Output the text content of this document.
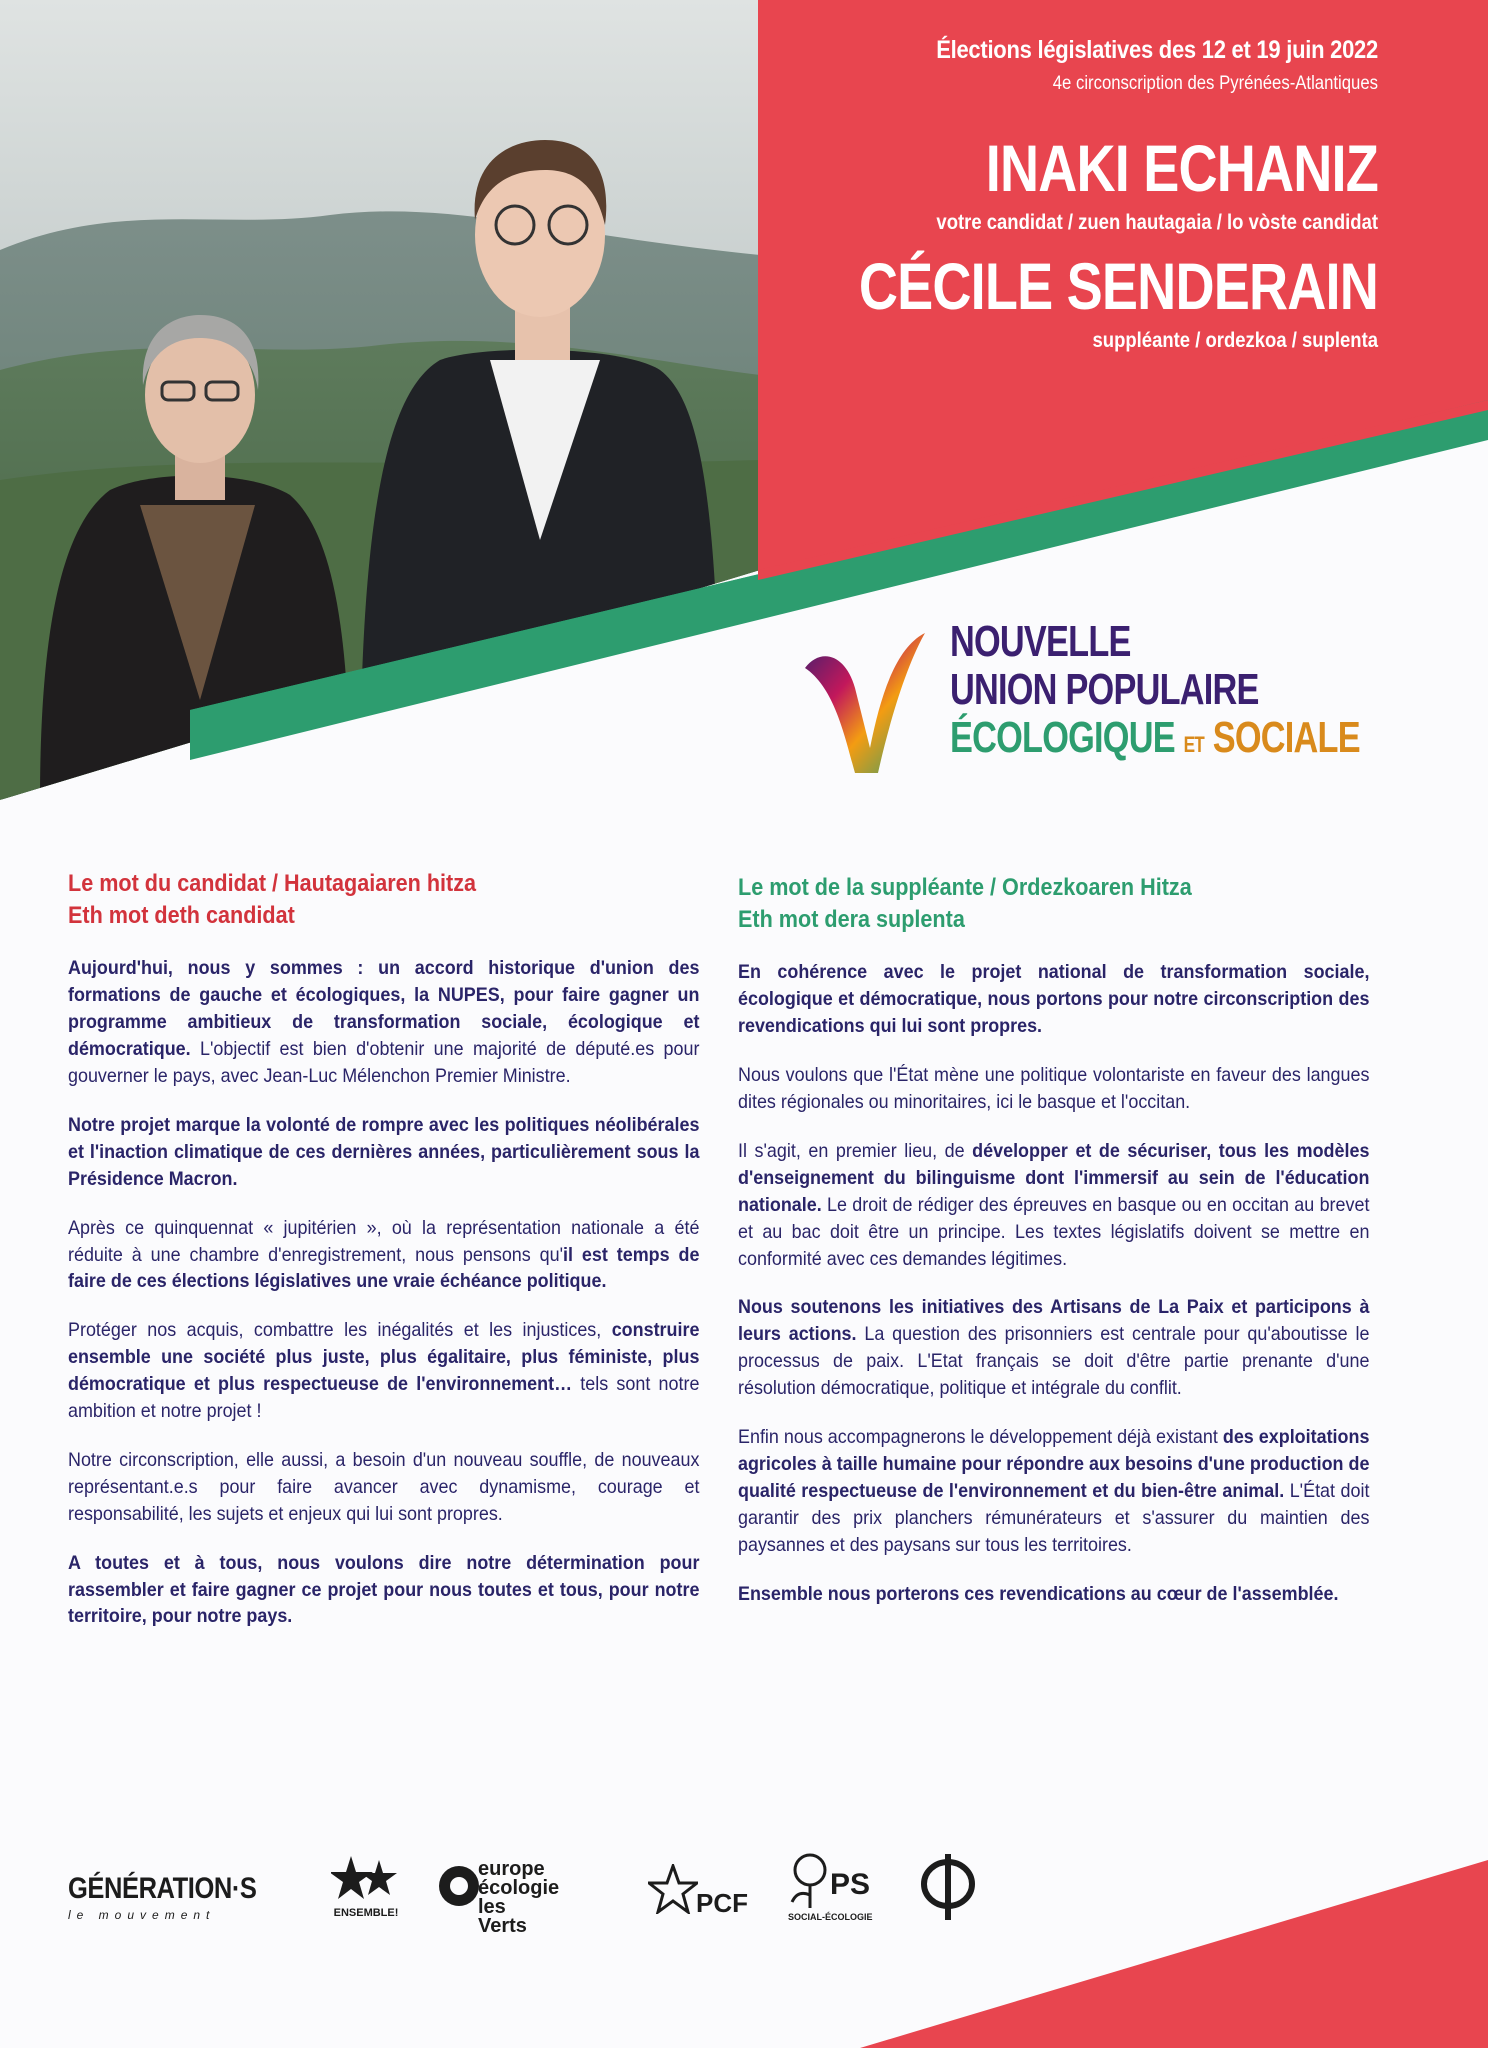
Élections législatives des 12 et 19 juin 2022

4e circonscription des Pyrénées-Atlantiques

INAKI ECHANIZ

votre candidat / zuen hautagaia / lo vòste candidat

CÉCILE SENDERAIN

suppléante / ordezkoa / suplenta

NOUVELLE

UNION POPULAIRE

ÉCOLOGIQUE ET SOCIALE

Le mot du candidat / Hautagaiaren hitza
Eth mot deth candidat

Aujourd'hui, nous y sommes : un accord historique d'union des formations de gauche et écologiques, la NUPES, pour faire gagner un programme ambitieux de transformation sociale, écologique et démocratique. L'objectif est bien d'obtenir une majorité de député.es pour gouverner le pays, avec Jean-Luc Mélenchon Premier Ministre.

Notre projet marque la volonté de rompre avec les politiques néolibérales et l'inaction climatique de ces dernières années, particulièrement sous la Présidence Macron.

Après ce quinquennat « jupitérien », où la représentation nationale a été réduite à une chambre d'enregistrement, nous pensons qu'il est temps de faire de ces élections législatives une vraie échéance politique.

Protéger nos acquis, combattre les inégalités et les injustices, construire ensemble une société plus juste, plus égalitaire, plus féministe, plus démocratique et plus respectueuse de l'environnement… tels sont notre ambition et notre projet !

Notre circonscription, elle aussi, a besoin d'un nouveau souffle, de nouveaux représentant.e.s pour faire avancer avec dynamisme, courage et responsabilité, les sujets et enjeux qui lui sont propres.

A toutes et à tous, nous voulons dire notre détermination pour rassembler et faire gagner ce projet pour nous toutes et tous, pour notre territoire, pour notre pays.

Le mot de la suppléante / Ordezkoaren Hitza
Eth mot dera suplenta

En cohérence avec le projet national de transformation sociale, écologique et démocratique, nous portons pour notre circonscription des revendications qui lui sont propres.

Nous voulons que l'État mène une politique volontariste en faveur des langues dites régionales ou minoritaires, ici le basque et l'occitan.

Il s'agit, en premier lieu, de développer et de sécuriser, tous les modèles d'enseignement du bilinguisme dont l'immersif au sein de l'éducation nationale. Le droit de rédiger des épreuves en basque ou en occitan au brevet et au bac doit être un principe. Les textes législatifs doivent se mettre en conformité avec ces demandes légitimes.

Nous soutenons les initiatives des Artisans de La Paix et participons à leurs actions. La question des prisonniers est centrale pour qu'aboutisse le processus de paix. L'Etat français se doit d'être partie prenante d'une résolution démocratique, politique et intégrale du conflit.

Enfin nous accompagnerons le développement déjà existant des exploitations agricoles à taille humaine pour répondre aux besoins d'une production de qualité respectueuse de l'environnement et du bien-être animal. L'État doit garantir des prix planchers rémunérateurs et s'assurer du maintien des paysannes et des paysans sur tous les territoires.

Ensemble nous porterons ces revendications au cœur de l'assemblée.

GÉNÉRATION·S
le mouvement	ENSEMBLE!
europe
écologie
les Verts
PCF
PS
SOCIAL-ÉCOLOGIE
